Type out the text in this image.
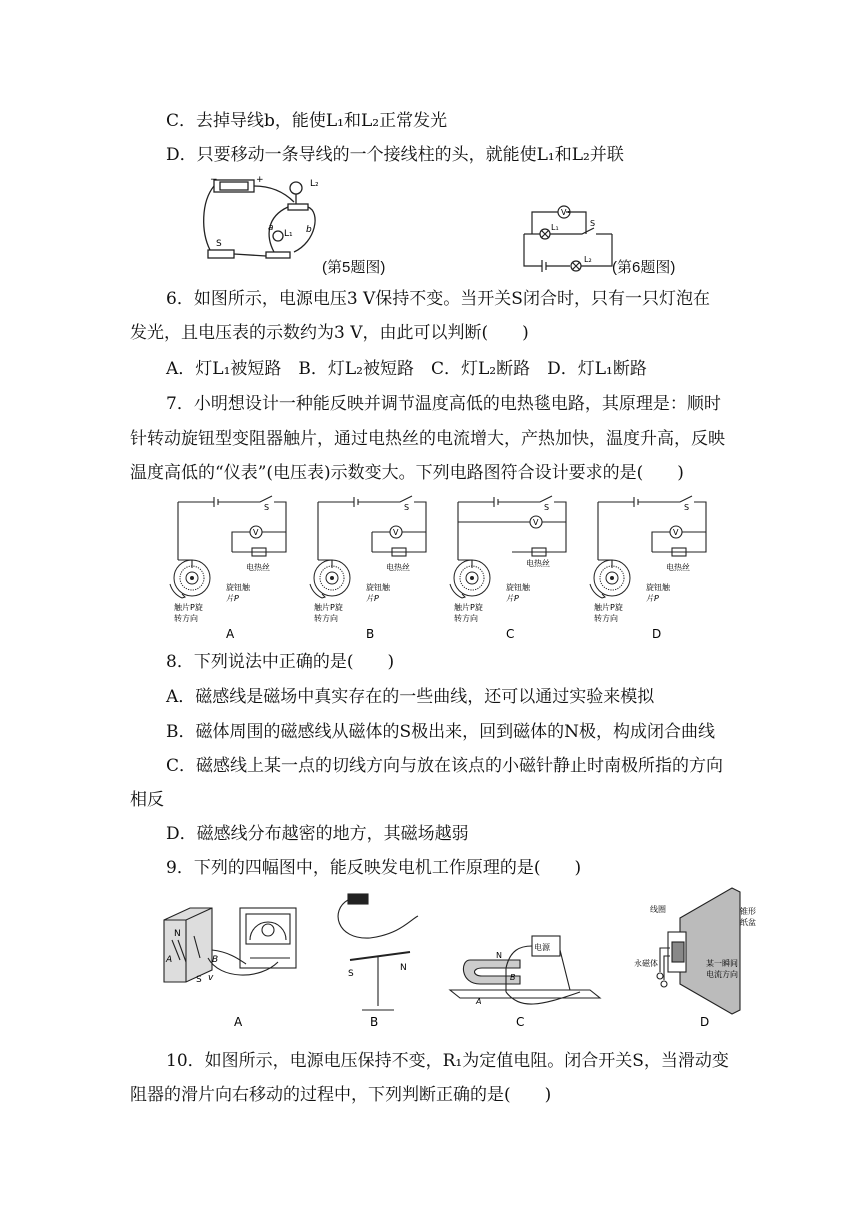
C．去掉导线b，能使L₁和L₂正常发光
D．只要移动一条导线的一个接线柱的头，就能使L₁和L₂并联
−	+	L₂
L₁
a	b
S
(第5题图)
V
L₁	S
L₂ (第6题图)
6．如图所示，电源电压3 V保持不变。当开关S闭合时，只有一只灯泡在
发光，且电压表的示数约为3 V，由此可以判断(　　)
A．灯L₁被短路　B．灯L₂被短路　C．灯L₂断路　D．灯L₁断路
7．小明想设计一种能反映并调节温度高低的电热毯电路，其原理是：顺时
针转动旋钮型变阻器触片，通过电热丝的电流增大，产热加快，温度升高，反映
温度高低的“仪表”(电压表)示数变大。下列电路图符合设计要求的是(　　)
S
V
电热丝
旋钮触
片P
触片P旋
转方向
S
V
电热丝
旋钮触
片P
触片P旋
转方向
S
V
电热丝
旋钮触
片P
触片P旋
转方向
S
V
电热丝
旋钮触
片P
触片P旋
转方向
A	B	C	D
8．下列说法中正确的是(　　)
A．磁感线是磁场中真实存在的一些曲线，还可以通过实验来模拟
B．磁体周围的磁感线从磁体的S极出来，回到磁体的N极，构成闭合曲线
C．磁感线上某一点的切线方向与放在该点的小磁针静止时南极所指的方向
相反
D．磁感线分布越密的地方，其磁场越弱
9．下列的四幅图中，能反映发电机工作原理的是(　　)
N
A	B
S v	S
N
N
B
A
电源
线圈	锥形
纸盆
永磁体	某一瞬间
电流方向
A	B	C	D
10．如图所示，电源电压保持不变，R₁为定值电阻。闭合开关S，当滑动变
阻器的滑片向右移动的过程中，下列判断正确的是(　　)
